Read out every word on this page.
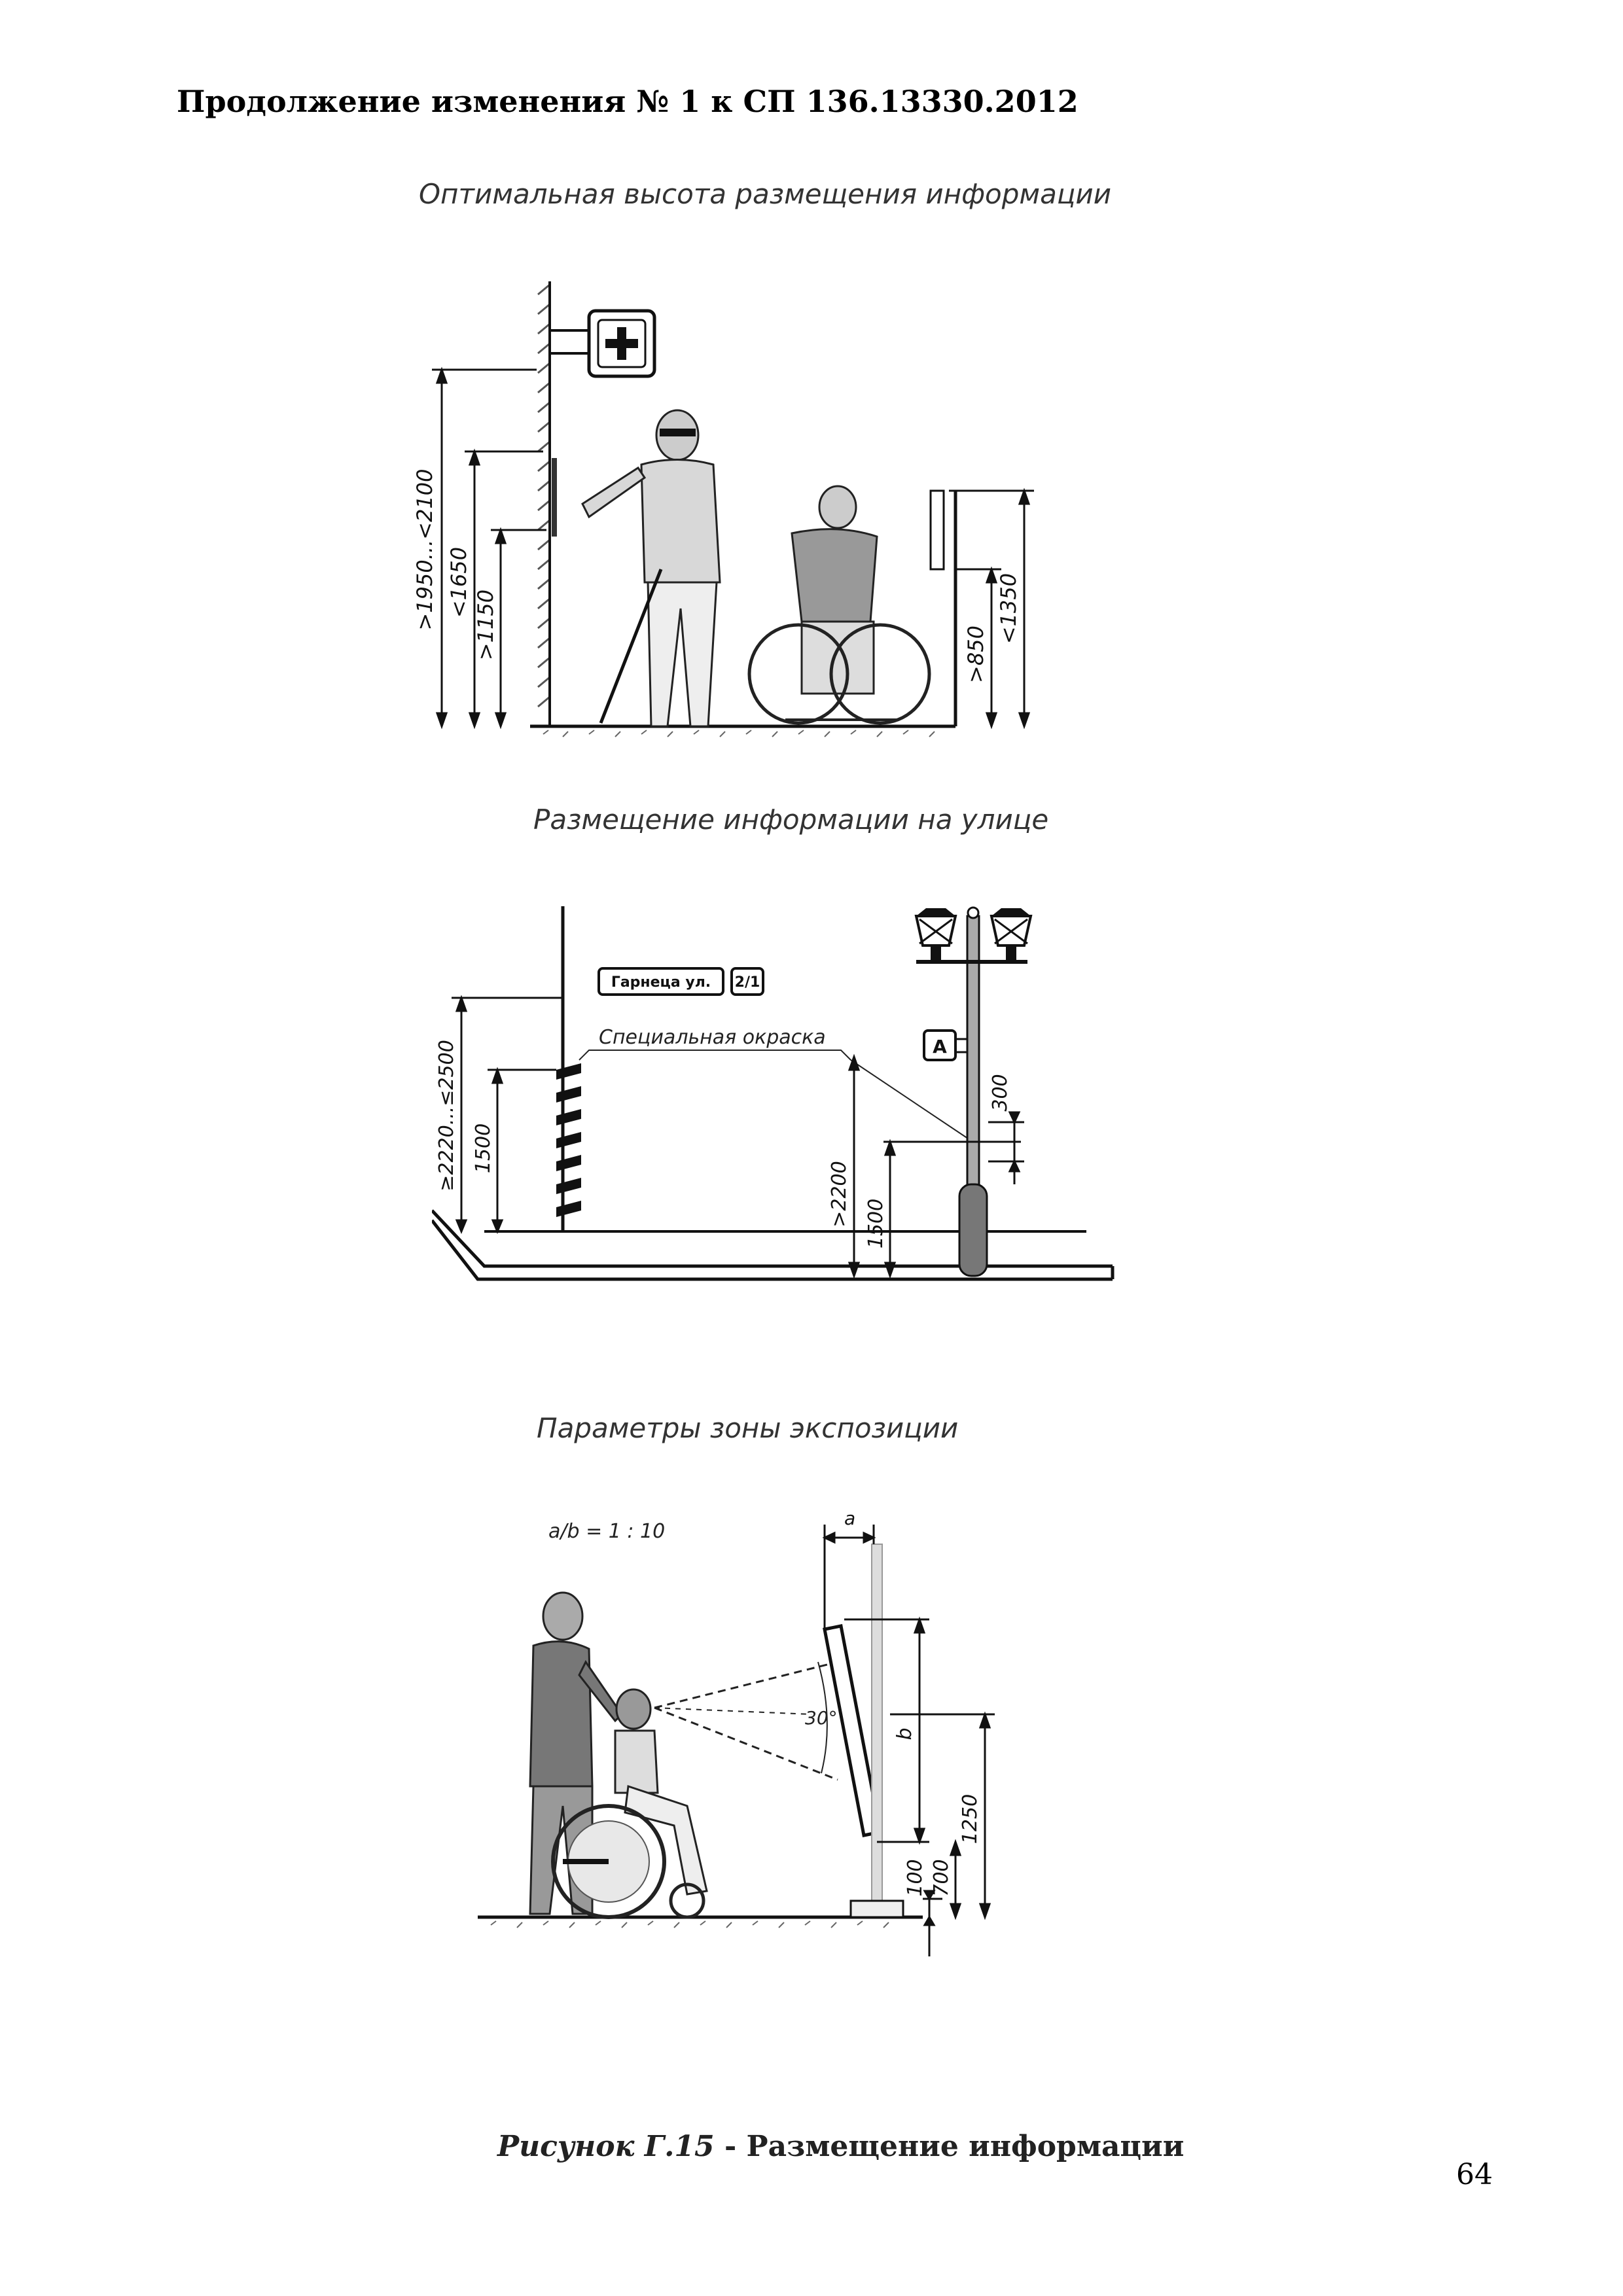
Продолжение изменения № 1 к СП 136.13330.2012
Оптимальная высота размещения информации
>1950...<2100 <1650
>1150	>850
<1350
Размещение информации на улице
Гарнеца ул. 2/1
Специальная окраска	A
≥2220...≤2500 1500
>2200 1500
300
Параметры зоны экспозиции
a/b = 1 : 10
30°
a
b
1250
700
100
Рисунок Г.15 - Размещение информации
64
